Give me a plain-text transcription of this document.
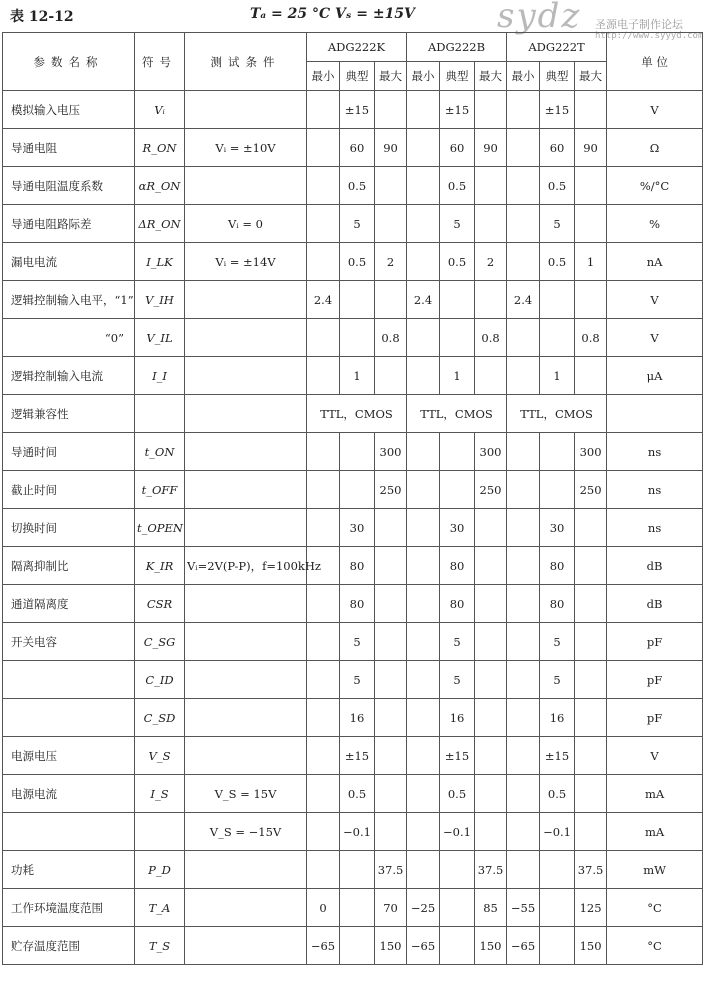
表 12-12	Tₐ = 25 °C Vₛ = ±15V sydz 圣源电子制作论坛
http://www.syyyd.com
参数名称	符号	测试条件	ADG222K			ADG222B			ADG222T			单 位
			最小	典型	最大	最小	典型	最大	最小	典型	最大	
模拟输入电压	Vᵢ			±15			±15			±15		V
导通电阻	R_ON	Vᵢ = ±10V		60	90		60	90		60	90	Ω
导通电阻温度系数	αR_ON			0.5			0.5			0.5		%/°C
导通电阻路际差	ΔR_ON	Vᵢ = 0		5			5			5		%
漏电电流	I_LK	Vᵢ = ±14V		0.5	2		0.5	2		0.5	1	nA
逻辑控制输入电平，“1”	V_IH		2.4			2.4			2.4			V
“0”	V_IL				0.8			0.8			0.8	V
逻辑控制输入电流	I_I			1			1			1		μA
逻辑兼容性			TTL，CMOS			TTL，CMOS			TTL，CMOS			
导通时间	t_ON				300			300			300	ns
截止时间	t_OFF				250			250			250	ns
切换时间	t_OPEN			30			30			30		ns
隔离抑制比	K_IR	Vᵢ=2V(P-P)，f=100kHz		80			80			80		dB
通道隔离度	CSR			80			80			80		dB
开关电容	C_SG			5			5			5		pF
	C_ID			5			5			5		pF
	C_SD			16			16			16		pF
电源电压	V_S			±15			±15			±15		V
电源电流	I_S	V_S = 15V		0.5			0.5			0.5		mA
		V_S = −15V		−0.1			−0.1			−0.1		mA
功耗	P_D				37.5			37.5			37.5	mW
工作环境温度范围	T_A		0		70	−25		85	−55		125	°C
贮存温度范围	T_S		−65		150	−65		150	−65		150	°C
